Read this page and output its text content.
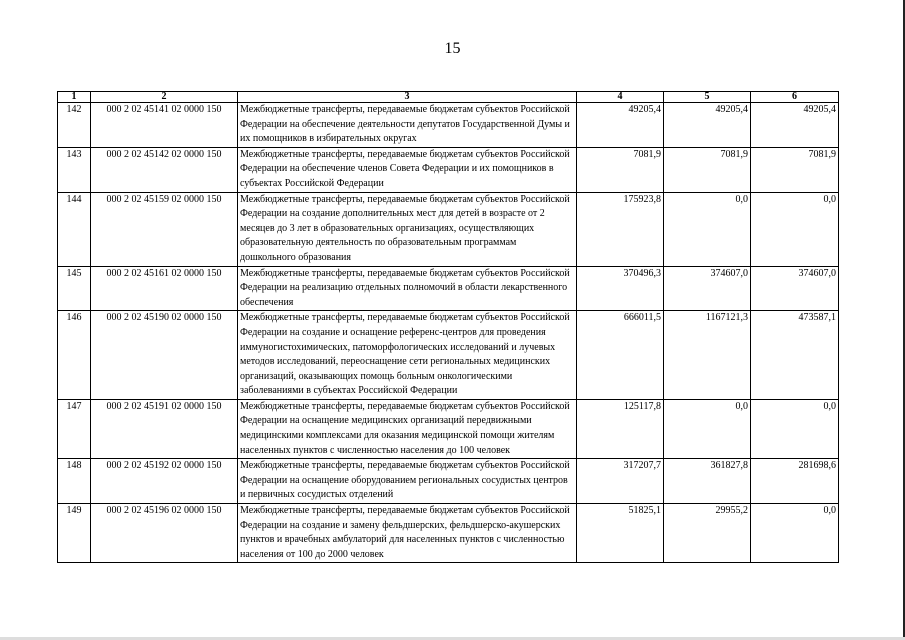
15
1	2	3	4	5	6
142	000 2 02 45141 02 0000 150	Межбюджетные трансферты, передаваемые бюджетам субъектов Российской Федерации на обеспечение деятельности депутатов Государственной Думы и их помощников в избирательных округах	49205,4	49205,4	49205,4
143	000 2 02 45142 02 0000 150	Межбюджетные трансферты, передаваемые бюджетам субъектов Российской Федерации на обеспечение членов Совета Федерации и их помощников в субъектах Российской Федерации	7081,9	7081,9	7081,9
144	000 2 02 45159 02 0000 150	Межбюджетные трансферты, передаваемые бюджетам субъектов Российской Федерации на создание дополнительных мест для детей в возрасте от 2 месяцев до 3 лет в образовательных организациях, осуществляющих образовательную деятельность по образовательным программам дошкольного образования	175923,8	0,0	0,0
145	000 2 02 45161 02 0000 150	Межбюджетные трансферты, передаваемые бюджетам субъектов Российской Федерации на реализацию отдельных полномочий в области лекарственного обеспечения	370496,3	374607,0	374607,0
146	000 2 02 45190 02 0000 150	Межбюджетные трансферты, передаваемые бюджетам субъектов Российской Федерации на создание и оснащение референс-центров для проведения иммуногистохимических, патоморфологических исследований и лучевых методов исследований, переоснащение сети региональных медицинских организаций, оказывающих помощь больным онкологическими заболеваниями в субъектах Российской Федерации	666011,5	1167121,3	473587,1
147	000 2 02 45191 02 0000 150	Межбюджетные трансферты, передаваемые бюджетам субъектов Российской Федерации на оснащение медицинских организаций передвижными медицинскими комплексами для оказания медицинской помощи жителям населенных пунктов с численностью населения до 100 человек	125117,8	0,0	0,0
148	000 2 02 45192 02 0000 150	Межбюджетные трансферты, передаваемые бюджетам субъектов Российской Федерации на оснащение оборудованием региональных сосудистых центров и первичных сосудистых отделений	317207,7	361827,8	281698,6
149	000 2 02 45196 02 0000 150	Межбюджетные трансферты, передаваемые бюджетам субъектов Российской Федерации на создание и замену фельдшерских, фельдшерско-акушерских пунктов и врачебных амбулаторий для населенных пунктов с численностью населения от 100 до 2000 человек	51825,1	29955,2	0,0
